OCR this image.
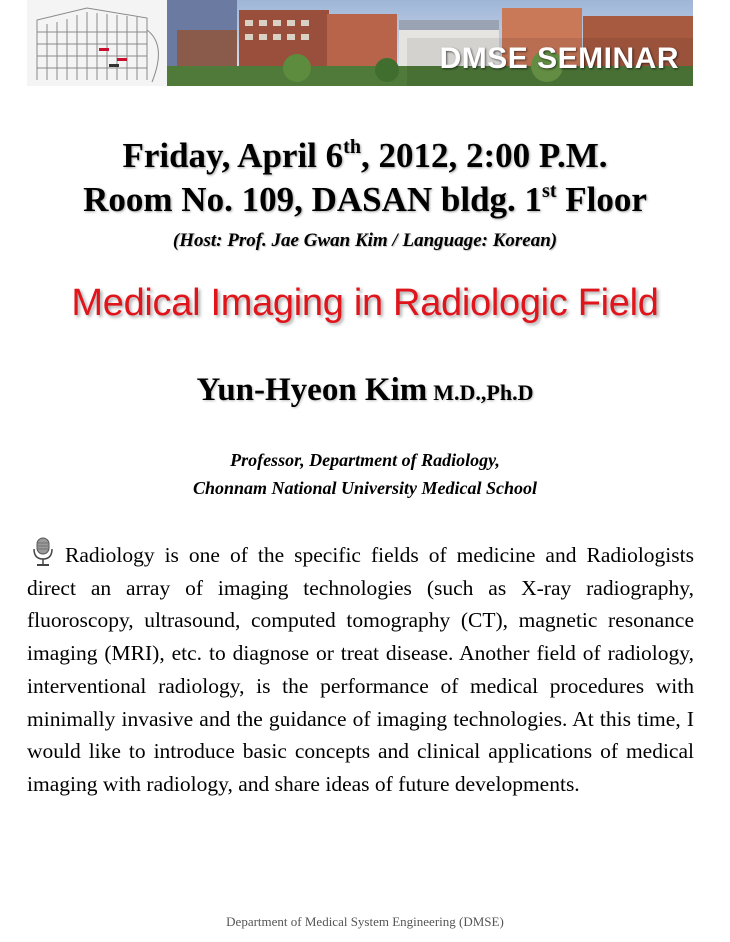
DMSE SEMINAR
Friday, April 6th, 2012, 2:00 P.M.
Room No. 109, DASAN bldg. 1st Floor
(Host: Prof. Jae Gwan Kim / Language: Korean)
Medical Imaging in Radiologic Field
Yun-Hyeon Kim M.D.,Ph.D
Professor, Department of Radiology,
Chonnam National University Medical School
Radiology is one of the specific fields of medicine and Radiologists direct an array of imaging technologies (such as X-ray radiography, fluoroscopy, ultrasound, computed tomography (CT), magnetic resonance imaging (MRI), etc. to diagnose or treat disease. Another field of radiology, interventional radiology, is the performance of medical procedures with minimally invasive and the guidance of imaging technologies. At this time, I would like to introduce basic concepts and clinical applications of medical imaging with radiology, and share ideas of future developments.
Department of Medical System Engineering (DMSE)
